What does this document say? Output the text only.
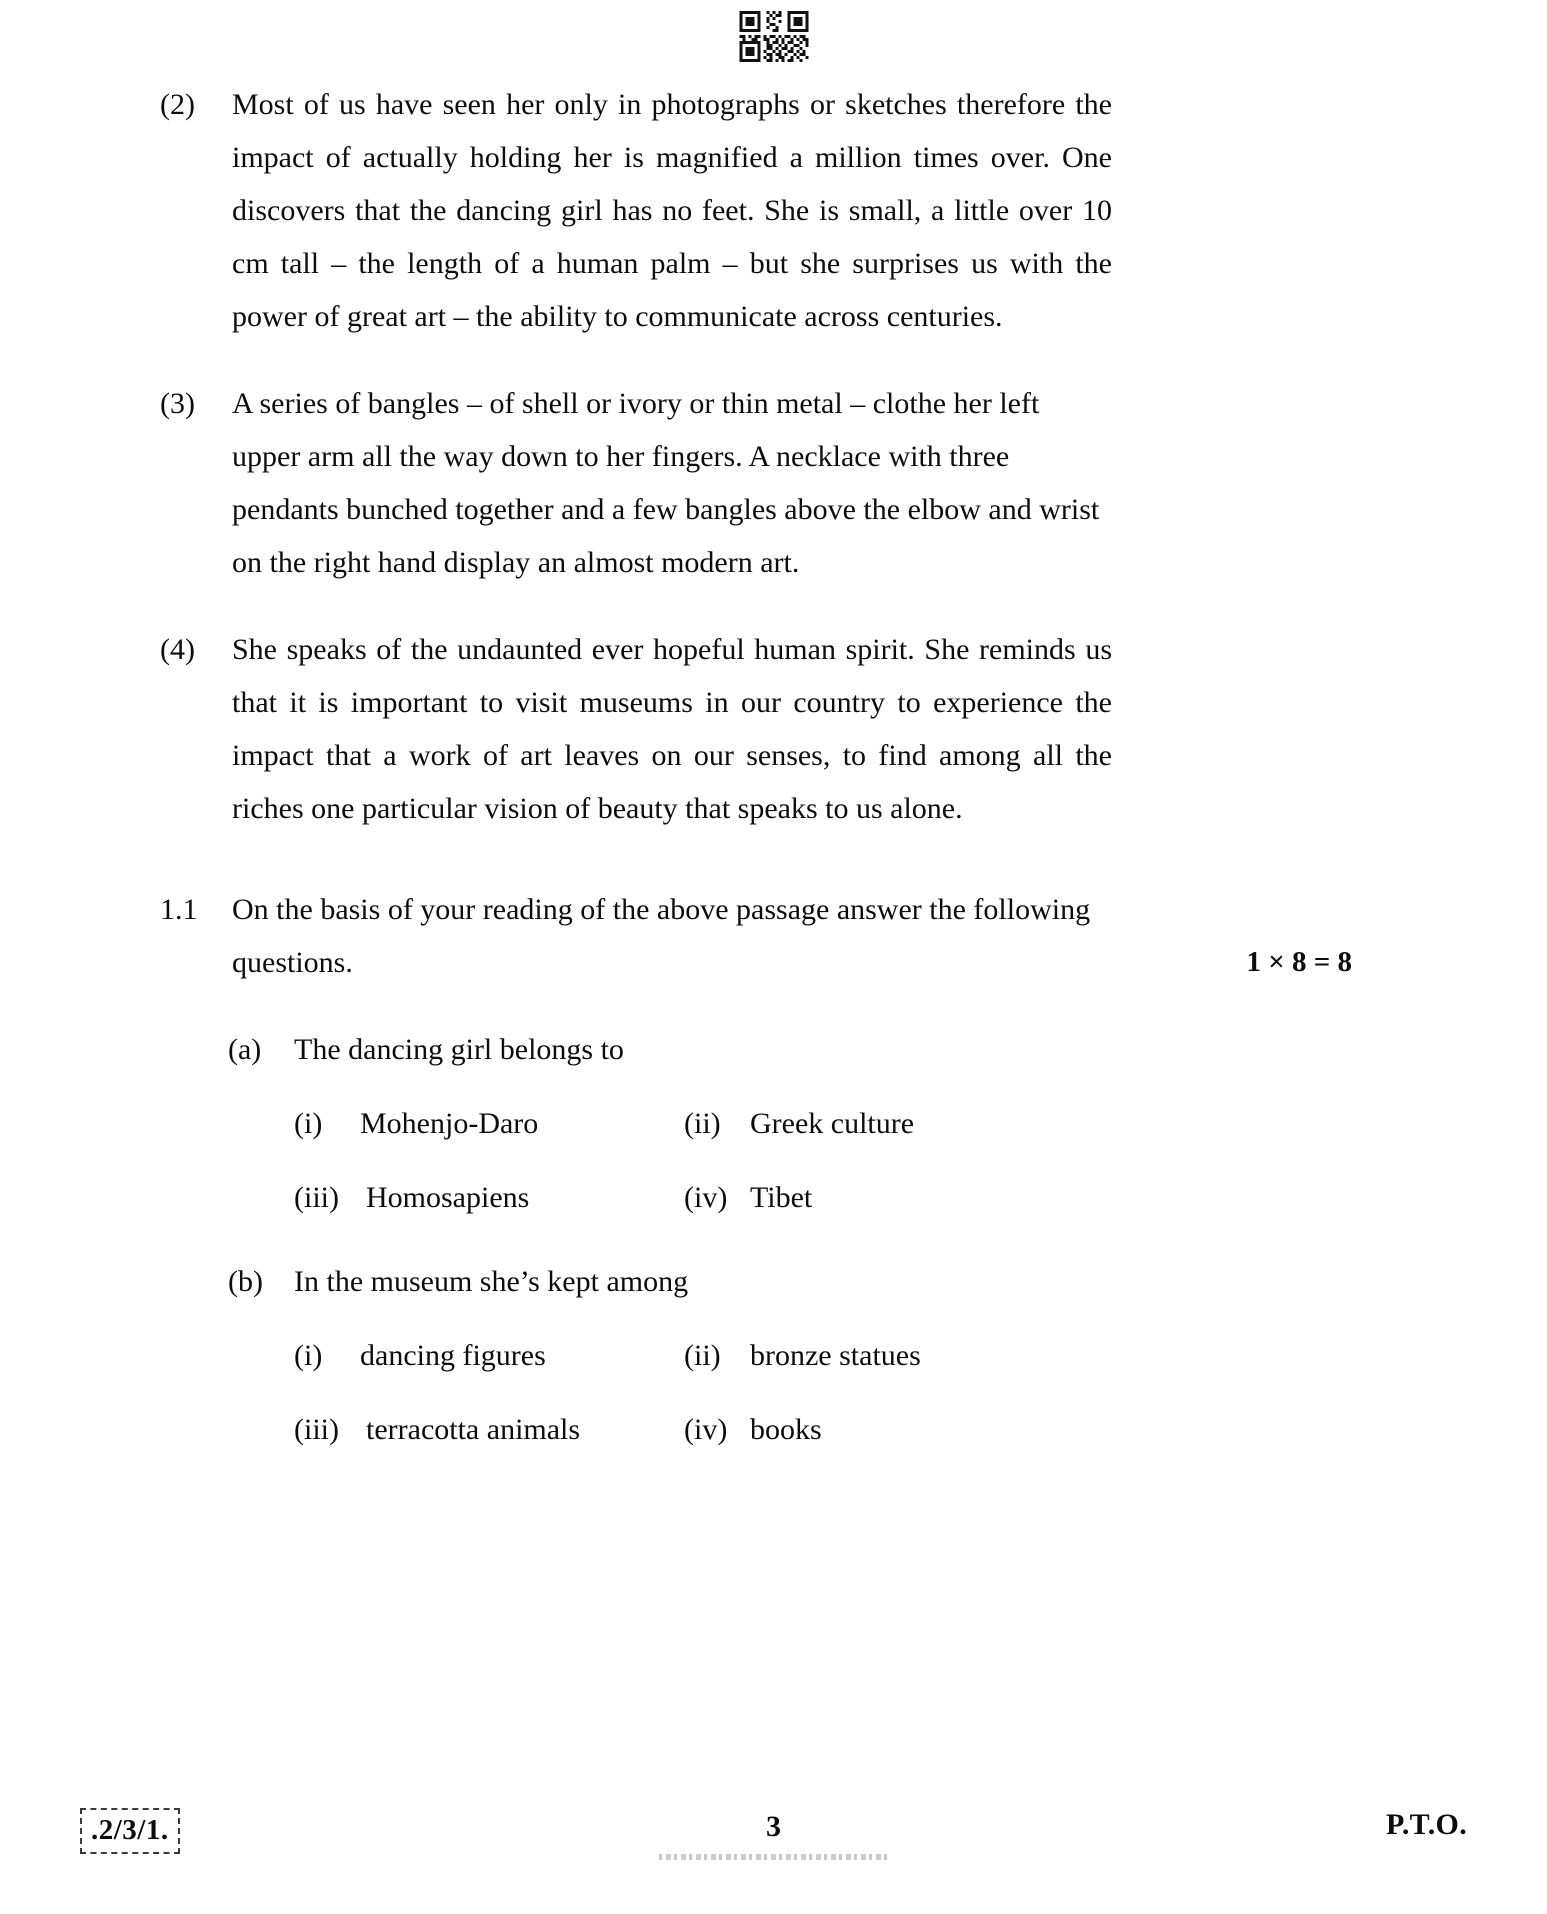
(2)	Most of us have seen her only in photographs or sketches therefore the impact of actually holding her is magnified a million times over. One discovers that the dancing girl has no feet. She is small, a little over 10 cm tall – the length of a human palm – but she surprises us with the power of great art – the ability to communicate across centuries.
(3)	A series of bangles – of shell or ivory or thin metal – clothe her left upper arm all the way down to her fingers. A necklace with three pendants bunched together and a few bangles above the elbow and wrist on the right hand display an almost modern art.
(4)	She speaks of the undaunted ever hopeful human spirit. She reminds us that it is important to visit museums in our country to experience the impact that a work of art leaves on our senses, to find among all the riches one particular vision of beauty that speaks to us alone.
1.1	On the basis of your reading of the above passage answer the following questions.	1 × 8 = 8
(a)	The dancing girl belongs to
(i)	Mohenjo-Daro	(ii) Greek culture
(iii) Homosapiens	(iv) Tibet
(b)	In the museum she’s kept among
(i)	dancing figures	(ii) bronze statues
(iii) terracotta animals	(iv) books
.2/3/1.	3	P.T.O.
